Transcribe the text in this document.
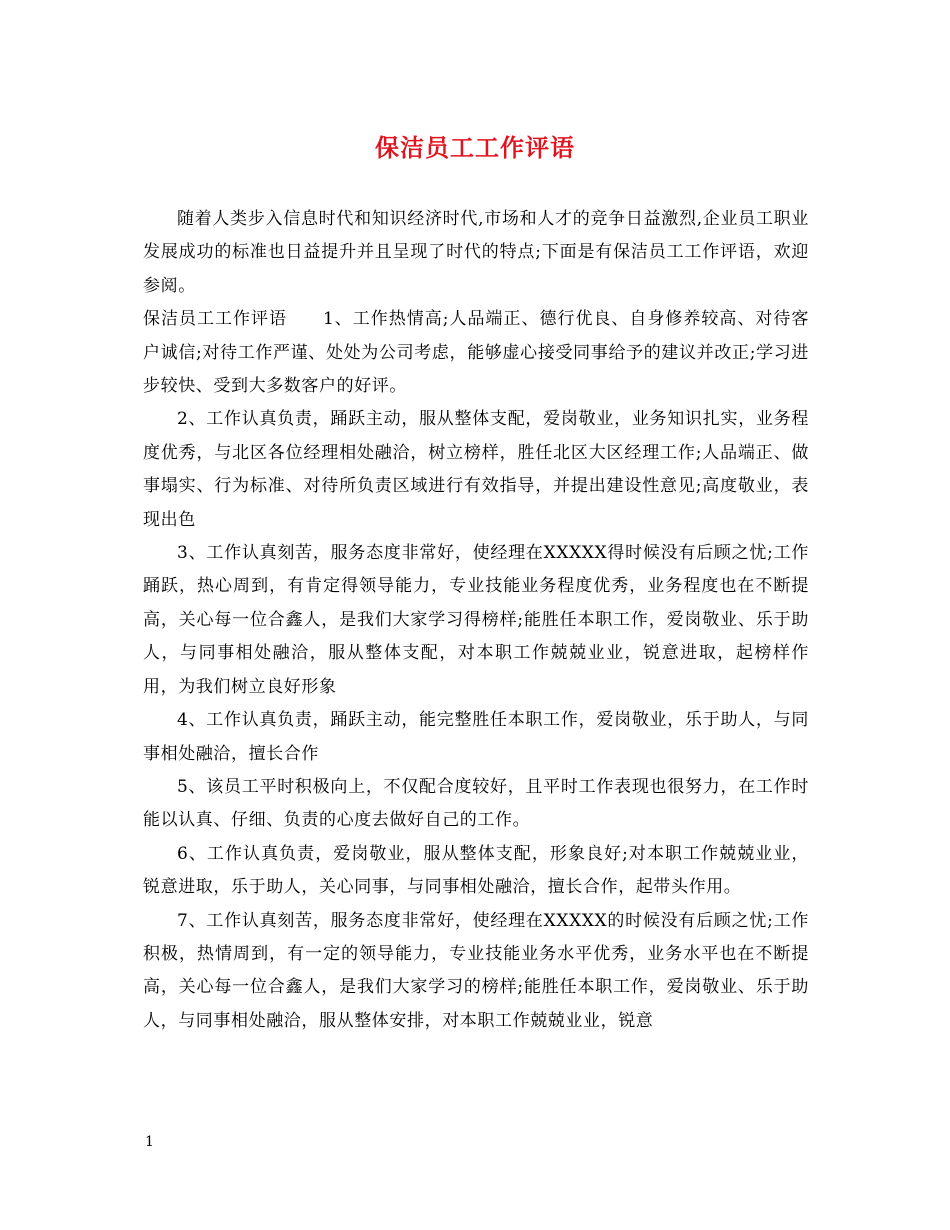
保洁员工工作评语

随着人类步入信息时代和知识经济时代,市场和人才的竞争日益激烈,企业员工职业发展成功的标准也日益提升并且呈现了时代的特点;下面是有保洁员工工作评语，欢迎参阅。

保洁员工工作评语 1、工作热情高;人品端正、德行优良、自身修养较高、对待客户诚信;对待工作严谨、处处为公司考虑，能够虚心接受同事给予的建议并改正;学习进步较快、受到大多数客户的好评。

2、工作认真负责，踊跃主动，服从整体支配，爱岗敬业，业务知识扎实，业务程度优秀，与北区各位经理相处融洽，树立榜样，胜任北区大区经理工作;人品端正、做事塌实、行为标准、对待所负责区域进行有效指导，并提出建设性意见;高度敬业，表现出色

3、工作认真刻苦，服务态度非常好，使经理在XXXXX得时候没有后顾之忧;工作踊跃，热心周到，有肯定得领导能力，专业技能业务程度优秀，业务程度也在不断提高，关心每一位合鑫人，是我们大家学习得榜样;能胜任本职工作，爱岗敬业、乐于助人，与同事相处融洽，服从整体支配，对本职工作兢兢业业，锐意进取，起榜样作用，为我们树立良好形象

4、工作认真负责，踊跃主动，能完整胜任本职工作，爱岗敬业，乐于助人，与同事相处融洽，擅长合作

5、该员工平时积极向上，不仅配合度较好，且平时工作表现也很努力，在工作时能以认真、仔细、负责的心度去做好自己的工作。

6、工作认真负责，爱岗敬业，服从整体支配，形象良好;对本职工作兢兢业业，锐意进取，乐于助人，关心同事，与同事相处融洽，擅长合作，起带头作用。

7、工作认真刻苦，服务态度非常好，使经理在XXXXX的时候没有后顾之忧;工作积极，热情周到，有一定的领导能力，专业技能业务水平优秀，业务水平也在不断提高，关心每一位合鑫人，是我们大家学习的榜样;能胜任本职工作，爱岗敬业、乐于助人，与同事相处融洽，服从整体安排，对本职工作兢兢业业，锐意

1
